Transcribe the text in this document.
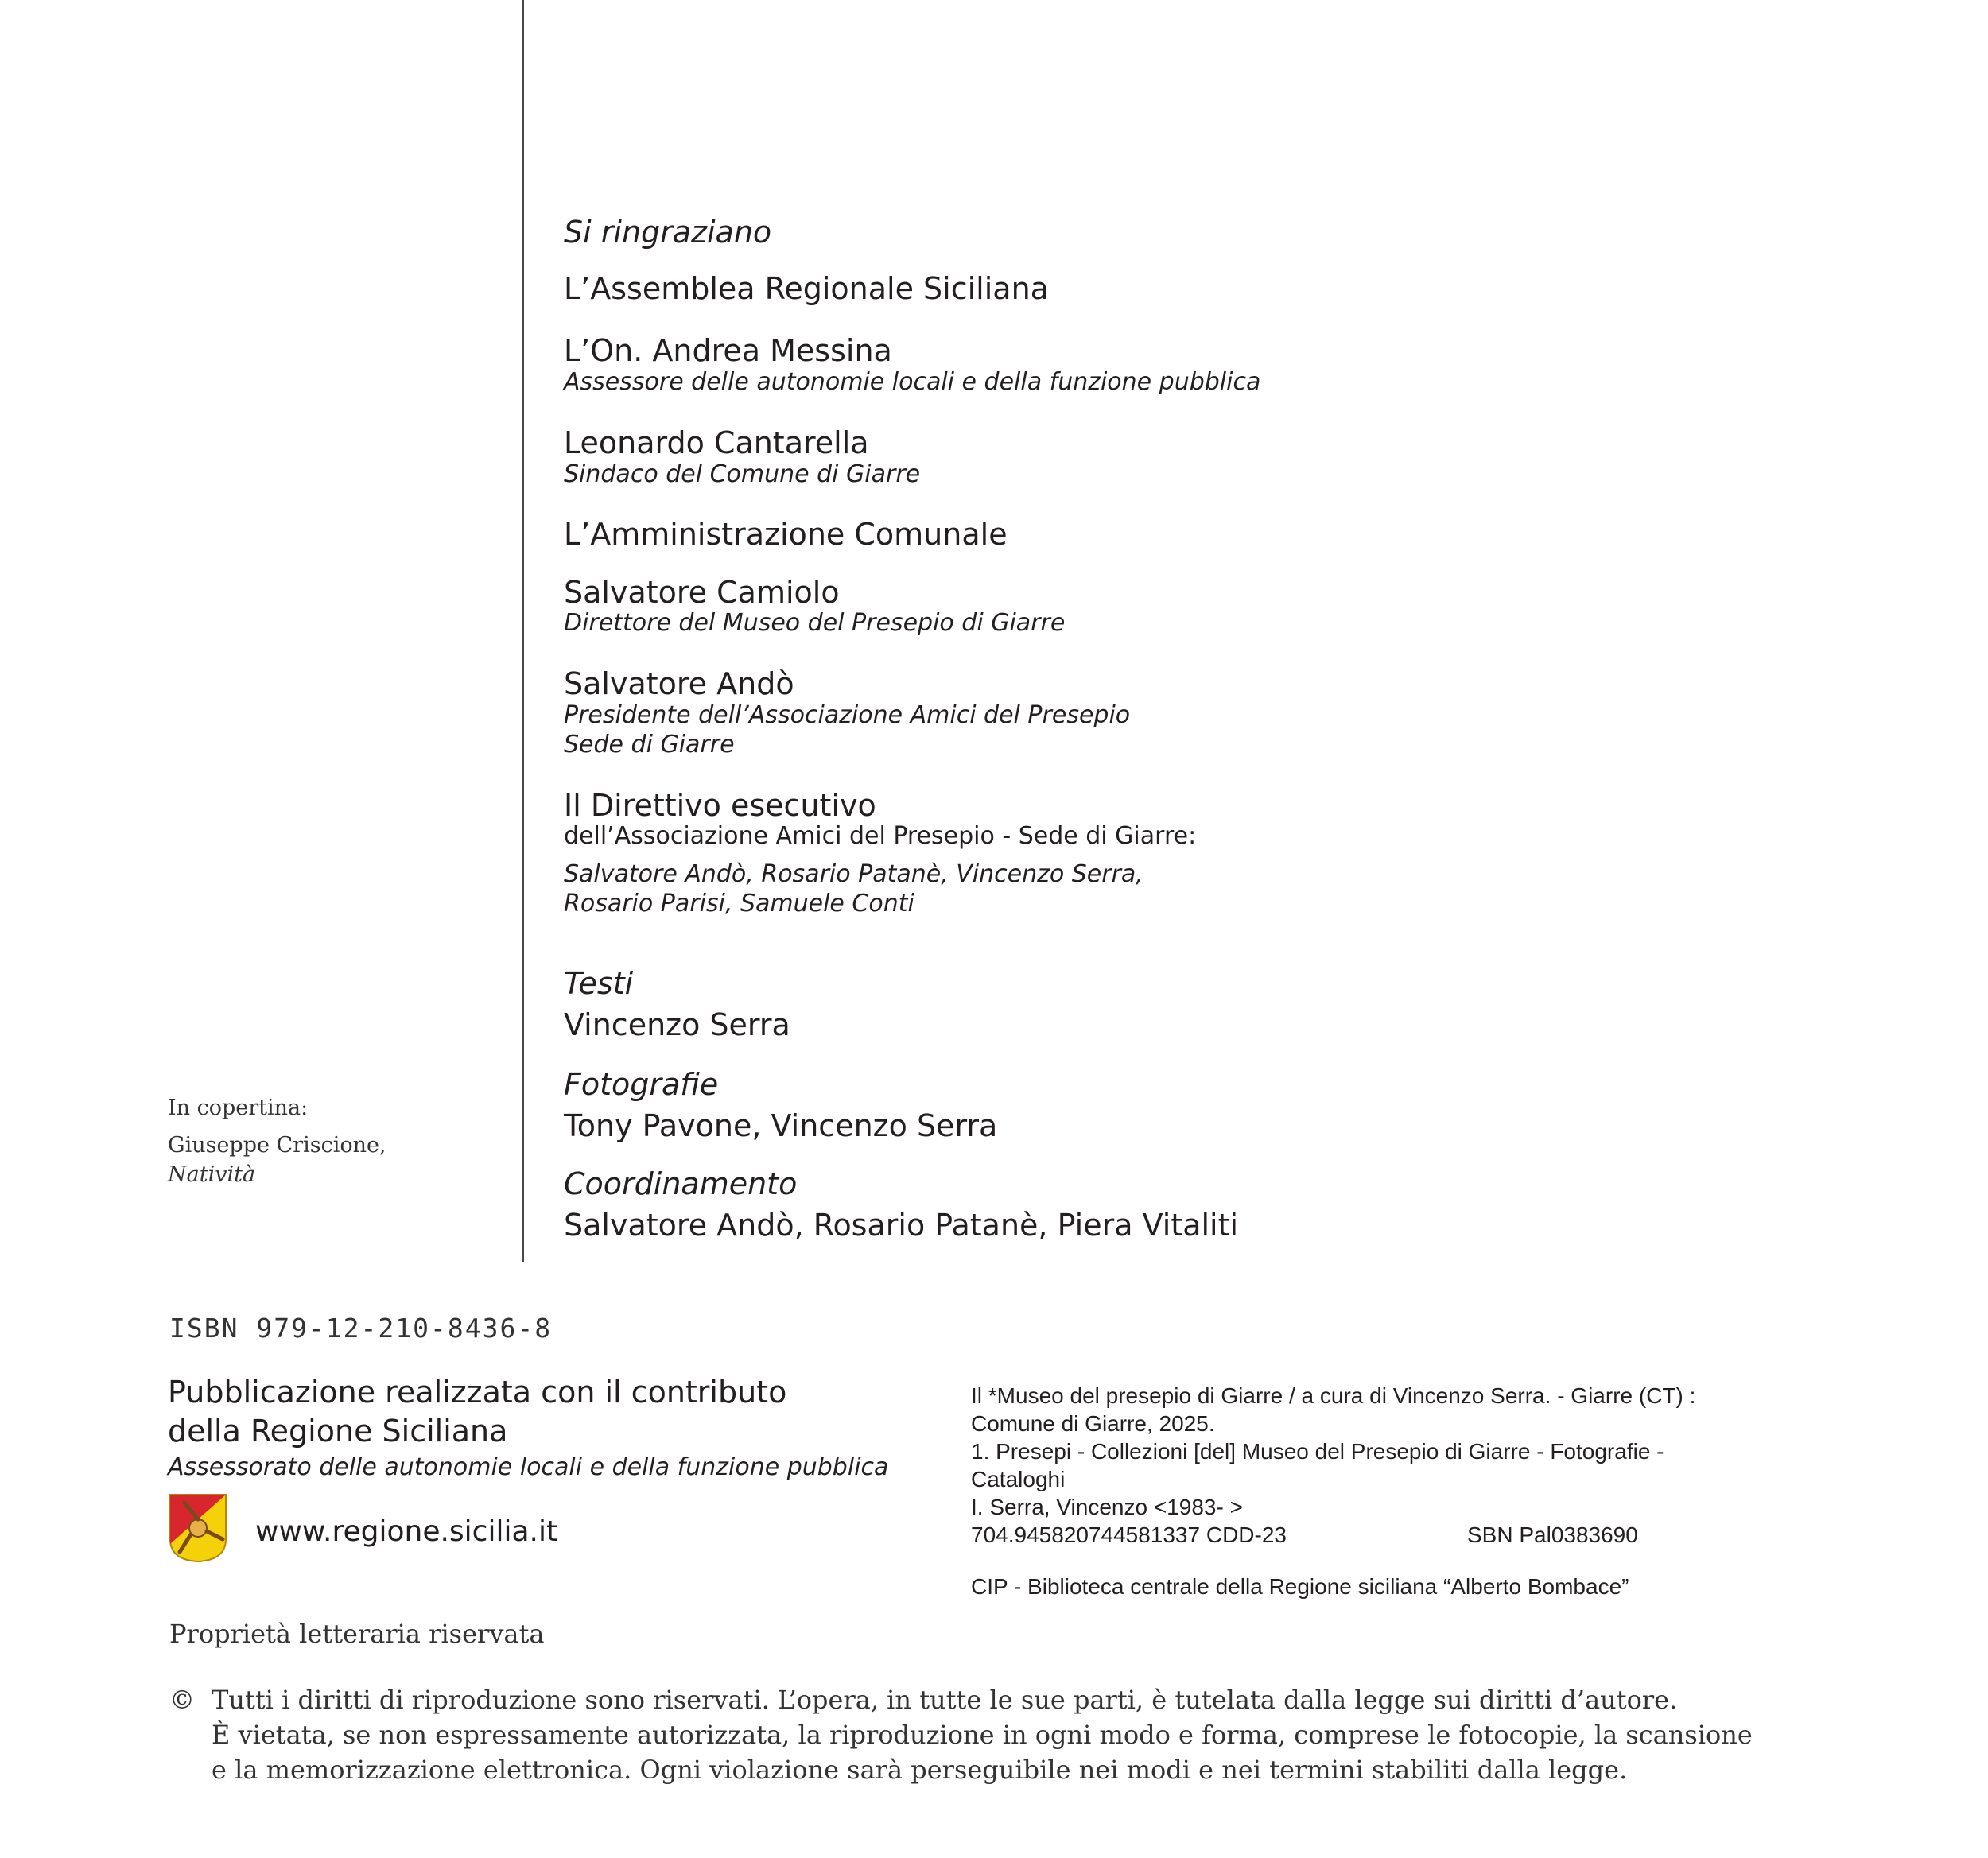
In copertina:
Giuseppe Criscione,
Natività
Si ringraziano
L’Assemblea Regionale Siciliana
L’On. Andrea Messina
Assessore delle autonomie locali e della funzione pubblica
Leonardo Cantarella
Sindaco del Comune di Giarre
L’Amministrazione Comunale
Salvatore Camiolo
Direttore del Museo del Presepio di Giarre
Salvatore Andò
Presidente dell’Associazione Amici del Presepio
Sede di Giarre
Il Direttivo esecutivo
dell’Associazione Amici del Presepio - Sede di Giarre:
Salvatore Andò, Rosario Patanè, Vincenzo Serra,
Rosario Parisi, Samuele Conti
Testi
Vincenzo Serra
Fotografie
Tony Pavone, Vincenzo Serra
Coordinamento
Salvatore Andò, Rosario Patanè, Piera Vitaliti
ISBN 979-12-210-8436-8
Pubblicazione realizzata con il contributo
della Regione Siciliana
Assessorato delle autonomie locali e della funzione pubblica
www.regione.sicilia.it
Il *Museo del presepio di Giarre / a cura di Vincenzo Serra. - Giarre (CT) :
Comune di Giarre, 2025.
1. Presepi - Collezioni [del] Museo del Presepio di Giarre - Fotografie -
Cataloghi
I. Serra, Vincenzo <1983- >
704.945820744581337 CDD-23	SBN Pal0383690
CIP - Biblioteca centrale della Regione siciliana “Alberto Bombace”
Proprietà letteraria riservata
© Tutti i diritti di riproduzione sono riservati. L’opera, in tutte le sue parti, è tutelata dalla legge sui diritti d’autore.
È vietata, se non espressamente autorizzata, la riproduzione in ogni modo e forma, comprese le fotocopie, la scansione
e la memorizzazione elettronica. Ogni violazione sarà perseguibile nei modi e nei termini stabiliti dalla legge.
